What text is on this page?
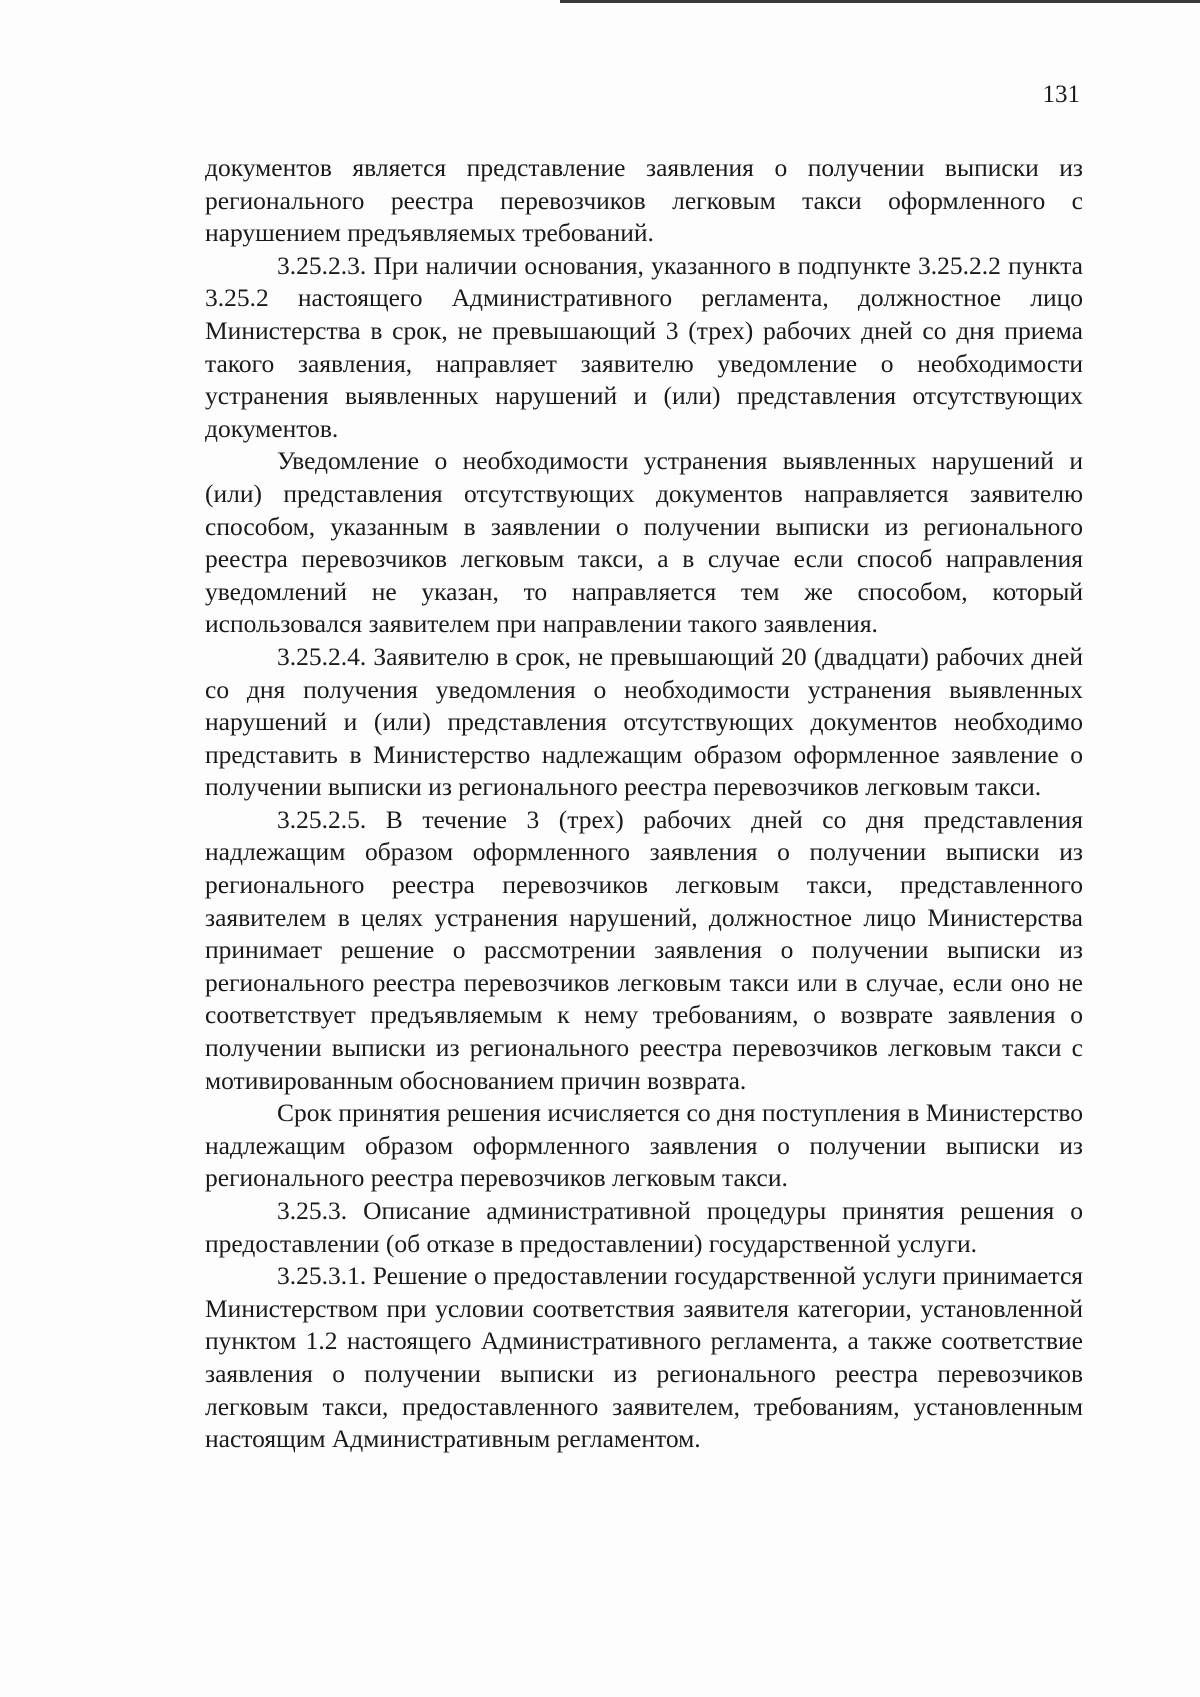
131

документов является представление заявления о получении выписки из регионального реестра перевозчиков легковым такси оформленного с нарушением предъявляемых требований.

3.25.2.3. При наличии основания, указанного в подпункте 3.25.2.2 пункта 3.25.2 настоящего Административного регламента, должностное лицо Министерства в срок, не превышающий 3 (трех) рабочих дней со дня приема такого заявления, направляет заявителю уведомление о необходимости устранения выявленных нарушений и (или) представления отсутствующих документов.

Уведомление о необходимости устранения выявленных нарушений и (или) представления отсутствующих документов направляется заявителю способом, указанным в заявлении о получении выписки из регионального реестра перевозчиков легковым такси, а в случае если способ направления уведомлений не указан, то направляется тем же способом, который использовался заявителем при направлении такого заявления.

3.25.2.4. Заявителю в срок, не превышающий 20 (двадцати) рабочих дней со дня получения уведомления о необходимости устранения выявленных нарушений и (или) представления отсутствующих документов необходимо представить в Министерство надлежащим образом оформленное заявление о получении выписки из регионального реестра перевозчиков легковым такси.

3.25.2.5. В течение 3 (трех) рабочих дней со дня представления надлежащим образом оформленного заявления о получении выписки из регионального реестра перевозчиков легковым такси, представленного заявителем в целях устранения нарушений, должностное лицо Министерства принимает решение о рассмотрении заявления о получении выписки из регионального реестра перевозчиков легковым такси или в случае, если оно не соответствует предъявляемым к нему требованиям, о возврате заявления о получении выписки из регионального реестра перевозчиков легковым такси с мотивированным обоснованием причин возврата.

Срок принятия решения исчисляется со дня поступления в Министерство надлежащим образом оформленного заявления о получении выписки из регионального реестра перевозчиков легковым такси.

3.25.3. Описание административной процедуры принятия решения о предоставлении (об отказе в предоставлении) государственной услуги.

3.25.3.1. Решение о предоставлении государственной услуги принимается Министерством при условии соответствия заявителя категории, установленной пунктом 1.2 настоящего Административного регламента, а также соответствие заявления о получении выписки из регионального реестра перевозчиков легковым такси, предоставленного заявителем, требованиям, установленным настоящим Административным регламентом.
